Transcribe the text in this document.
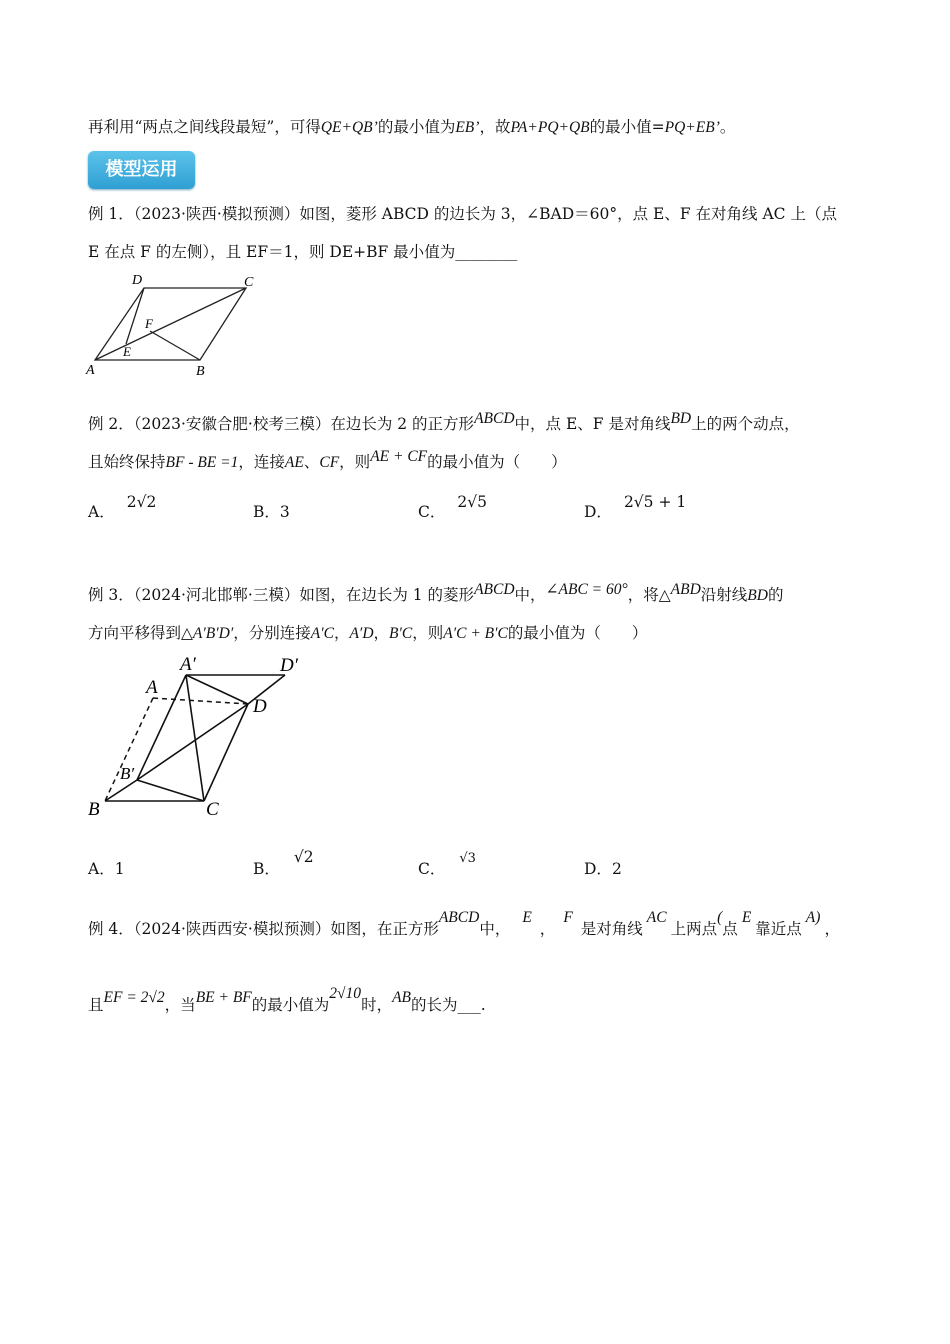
再利用“两点之间线段最短”，可得QE+QB’的最小值为EB’，故PA+PQ+QB的最小值=PQ+EB’。
模型运用
例 1．（2023·陕西·模拟预测）如图，菱形 ABCD 的边长为 3，∠BAD＝60°，点 E、F 在对角线 AC 上（点
E 在点 F 的左侧），且 EF＝1，则 DE+BF 最小值为________
A	B
C
D
E
F
例 2．（2023·安徽合肥·校考三模）在边长为 2 的正方形ABCD中，点 E、F 是对角线BD上的两个动点，
且始终保持BF - BE =1，连接AE、CF，则AE + CF的最小值为（　　）
A．2√2
B．3	C．2√5
D．2√5 + 1
例 3．（2024·河北邯郸·三模）如图，在边长为 1 的菱形ABCD中，∠ABC = 60°，将△ABD沿射线BD的
方向平移得到△A′B′D′，分别连接A′C，A′D，B′C，则A′C + B′C的最小值为（　　）
A′	D′
A
D
B′
B	C
A．1	B．√2
C．$^{√3}$
D．2
例 4．（2024·陕西西安·模拟预测）如图，在正方形ABCD中，E，F是对角线AC上两点(点E靠近点A)，
且EF = 2√2，当BE + BF的最小值为2√10时，AB的长为___.
